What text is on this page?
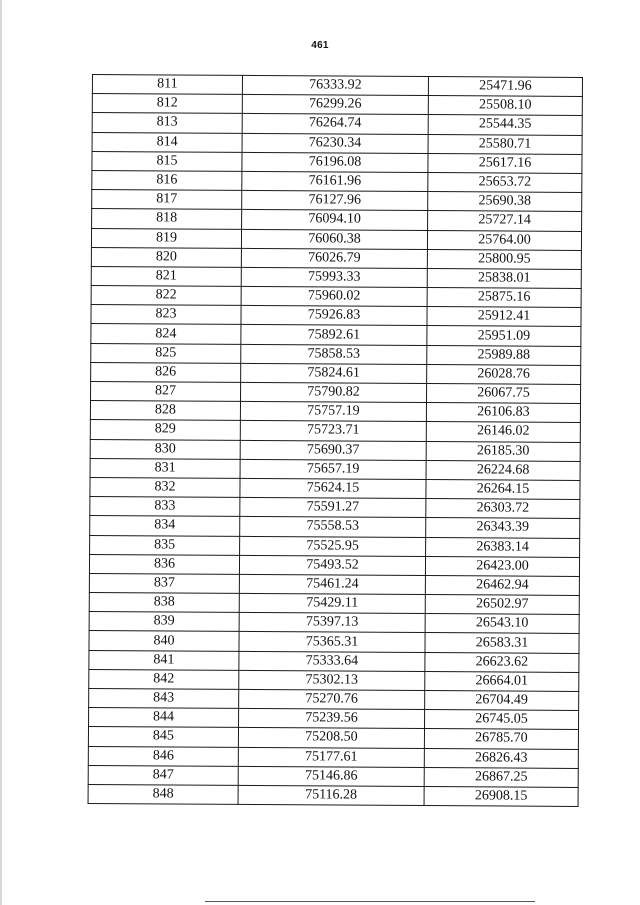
461
811	76333.92	25471.96
812	76299.26	25508.10
813	76264.74	25544.35
814	76230.34	25580.71
815	76196.08	25617.16
816	76161.96	25653.72
817	76127.96	25690.38
818	76094.10	25727.14
819	76060.38	25764.00
820	76026.79	25800.95
821	75993.33	25838.01
822	75960.02	25875.16
823	75926.83	25912.41
824	75892.61	25951.09
825	75858.53	25989.88
826	75824.61	26028.76
827	75790.82	26067.75
828	75757.19	26106.83
829	75723.71	26146.02
830	75690.37	26185.30
831	75657.19	26224.68
832	75624.15	26264.15
833	75591.27	26303.72
834	75558.53	26343.39
835	75525.95	26383.14
836	75493.52	26423.00
837	75461.24	26462.94
838	75429.11	26502.97
839	75397.13	26543.10
840	75365.31	26583.31
841	75333.64	26623.62
842	75302.13	26664.01
843	75270.76	26704.49
844	75239.56	26745.05
845	75208.50	26785.70
846	75177.61	26826.43
847	75146.86	26867.25
848	75116.28	26908.15
